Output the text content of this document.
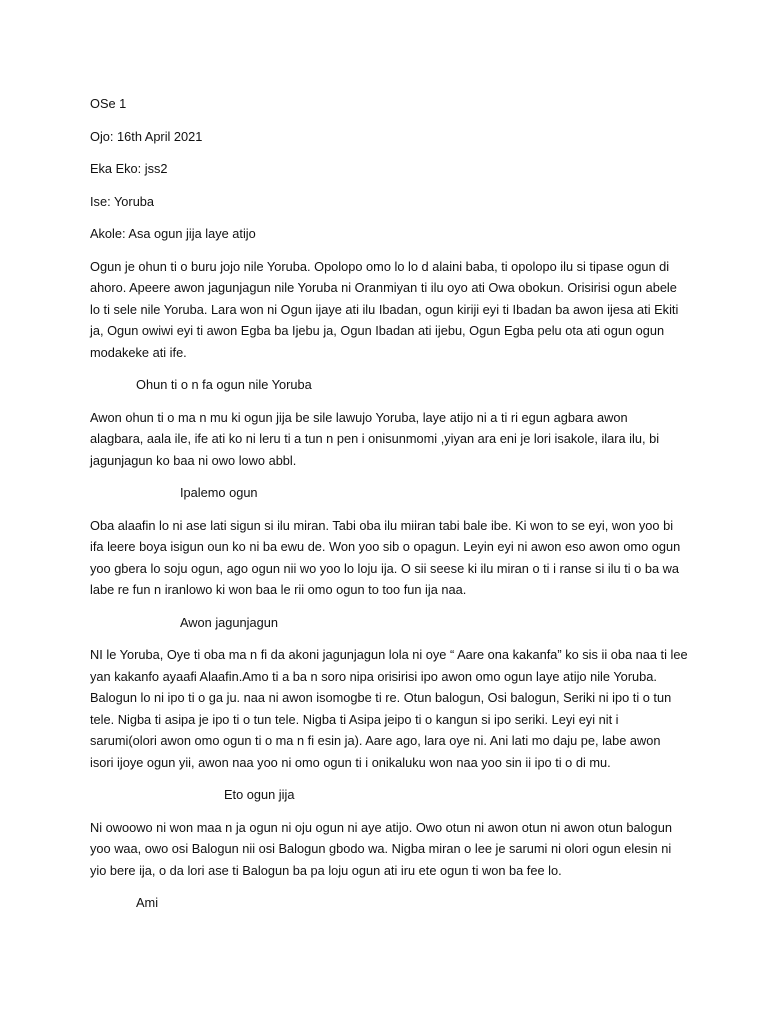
OSe 1

Ojo: 16th April 2021

Eka Eko: jss2

Ise: Yoruba

Akole: Asa ogun jija laye atijo

Ogun je ohun ti o buru jojo nile Yoruba. Opolopo omo lo lo d alaini baba, ti opolopo ilu si tipase ogun di
ahoro. Apeere awon jagunjagun nile Yoruba ni Oranmiyan ti ilu oyo ati Owa obokun. Orisirisi ogun abele
lo ti sele nile Yoruba. Lara won ni Ogun ijaye ati ilu Ibadan, ogun kiriji eyi ti Ibadan ba awon ijesa ati Ekiti
ja, Ogun owiwi eyi ti awon Egba ba Ijebu ja, Ogun Ibadan ati ijebu, Ogun Egba pelu ota ati ogun ogun
modakeke ati ife.

Ohun ti o n fa ogun nile Yoruba

Awon ohun ti o ma n mu ki ogun jija be sile lawujo Yoruba, laye atijo ni a ti ri egun agbara awon
alagbara, aala ile, ife ati ko ni leru ti a tun n pen i onisunmomi ,yiyan ara eni je lori isakole, ilara ilu, bi
jagunjagun ko baa ni owo lowo abbl.

Ipalemo ogun

Oba alaafin lo ni ase lati sigun si ilu miran. Tabi oba ilu miiran tabi bale ibe. Ki won to se eyi, won yoo bi
ifa leere boya isigun oun ko ni ba ewu de. Won yoo sib o opagun. Leyin eyi ni awon eso awon omo ogun
yoo gbera lo soju ogun, ago ogun nii wo yoo lo loju ija. O sii seese ki ilu miran o ti i ranse si ilu ti o ba wa
labe re fun n iranlowo ki won baa le rii omo ogun to too fun ija naa.

Awon jagunjagun

NI le Yoruba, Oye ti oba ma n fi da akoni jagunjagun lola ni oye “ Aare ona kakanfa” ko sis ii oba naa ti lee
yan kakanfo ayaafi Alaafin.Amo ti a ba n soro nipa orisirisi ipo awon omo ogun laye atijo nile Yoruba.
Balogun lo ni ipo ti o ga ju. naa ni awon isomogbe ti re. Otun balogun, Osi balogun, Seriki ni ipo ti o tun
tele. Nigba ti asipa je ipo ti o tun tele. Nigba ti Asipa jeipo ti o kangun si ipo seriki. Leyi eyi nit i
sarumi(olori awon omo ogun ti o ma n fi esin ja). Aare ago, lara oye ni. Ani lati mo daju pe, labe awon
isori ijoye ogun yii, awon naa yoo ni omo ogun ti i onikaluku won naa yoo sin ii ipo ti o di mu.

Eto ogun jija

Ni owoowo ni won maa n ja ogun ni oju ogun ni aye atijo. Owo otun ni awon otun ni awon otun balogun
yoo waa, owo osi Balogun nii osi Balogun gbodo wa. Nigba miran o lee je sarumi ni olori ogun elesin ni
yio bere ija, o da lori ase ti Balogun ba pa loju ogun ati iru ete ogun ti won ba fee lo.

Ami
